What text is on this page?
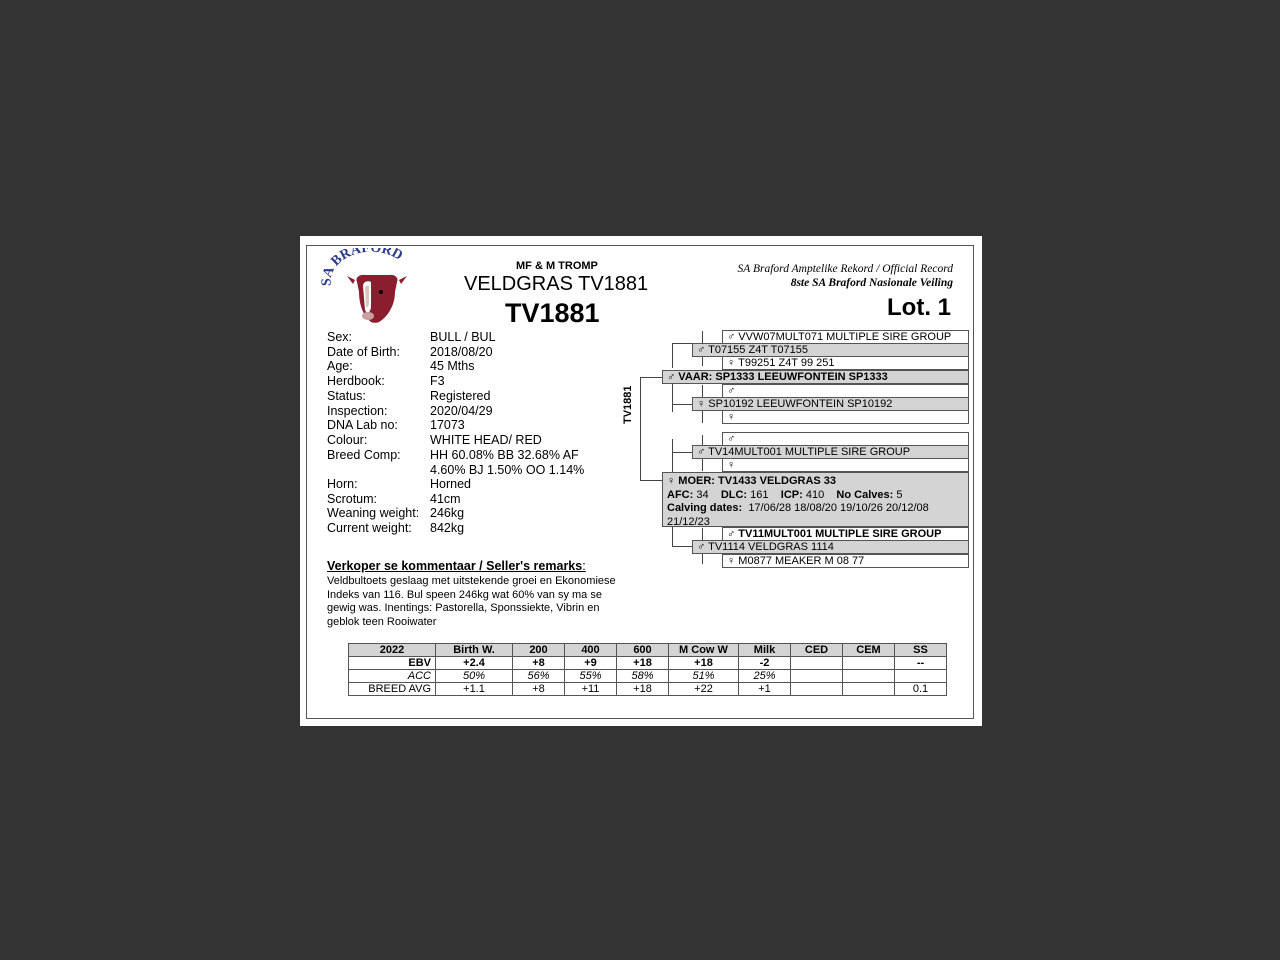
SA BRAFORD
MF & M TROMP
VELDGRAS TV1881
TV1881
SA Braford Amptelike Rekord / Official Record
8ste SA Braford Nasionale Veiling
Lot. 1
Sex:	BULL / BUL
Date of Birth: 2018/08/20
Age:	45 Mths
Herdbook:	F3
Status:	Registered
Inspection:	2020/04/29
DNA Lab no:	17073
Colour:	WHITE HEAD/ RED
Breed Comp: HH 60.08% BB 32.68% AF
4.60% BJ 1.50% OO 1.14%
Horn:	Horned
Scrotum:	41cm
Weaning weight: 246kg
Current weight: 842kg
Verkoper se kommentaar / Seller's remarks:
Veldbultoets geslaag met uitstekende groei en Ekonomiese Indeks van 116. Bul speen 246kg wat 60% van sy ma se gewig was. Inentings: Pastorella, Sponssiekte, Vibrin en geblok teen Rooiwater
TV1881
♂ VVW07MULT071 MULTIPLE SIRE GROUP
♂ T07155 Z4T T07155
♀ T99251 Z4T 99 251
♂ VAAR: SP1333 LEEUWFONTEIN SP1333
♂
♀ SP10192 LEEUWFONTEIN SP10192
♀
♂
♂ TV14MULT001 MULTIPLE SIRE GROUP
♀
♀ MOER: TV1433 VELDGRAS 33
AFC: 34 DLC: 161 ICP: 410 No Calves: 5
Calving dates: 17/06/28 18/08/20 19/10/26 20/12/08
21/12/23
♂ TV11MULT001 MULTIPLE SIRE GROUP
♂ TV1114 VELDGRAS 1114
♀ M0877 MEAKER M 08 77
2022	Birth W.	200	400	600	M Cow W	Milk	CED	CEM	SS
EBV	+2.4	+8	+9	+18	+18	-2			--
ACC	50%	56%	55%	58%	51%	25%			
BREED AVG	+1.1	+8	+11	+18	+22	+1			0.1
